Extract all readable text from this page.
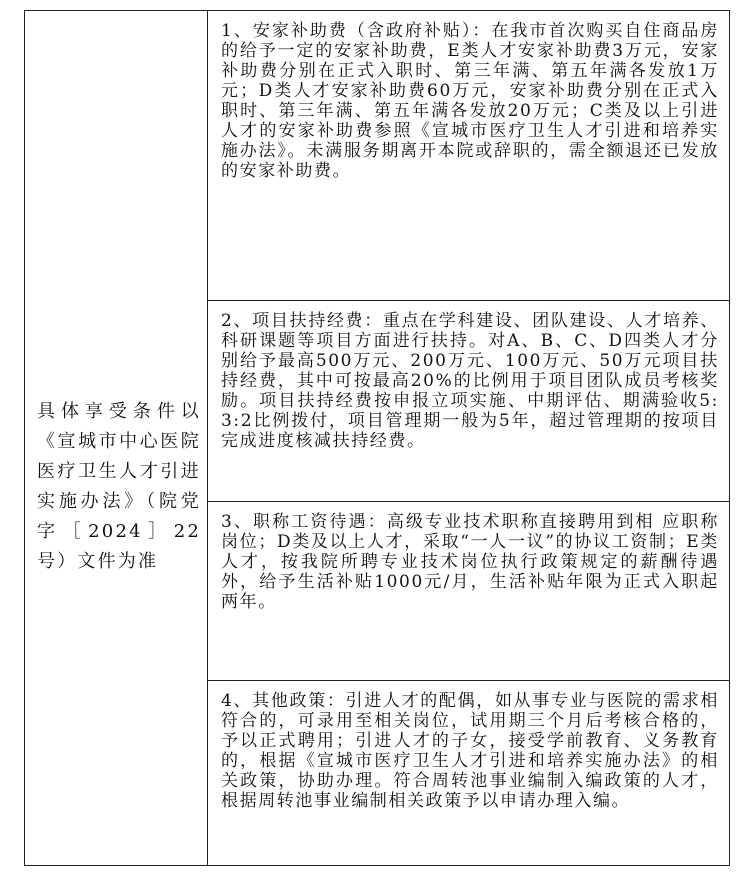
具体享受条件以《宣城市中心医院医疗卫生人才引进实施办法》（院党字［2024］22号）文件为准

1、安家补助费（含政府补贴）：在我市首次购买自住商品房的给予一定的安家补助费，E类人才安家补助费3万元，安家补助费分别在正式入职时、第三年满、第五年满各发放1万元；D类人才安家补助费60万元，安家补助费分别在正式入职时、第三年满、第五年满各发放20万元；C类及以上引进人才的安家补助费参照《宣城市医疗卫生人才引进和培养实施办法》。未满服务期离开本院或辞职的，需全额退还已发放的安家补助费。

2、项目扶持经费：重点在学科建设、团队建设、人才培养、科研课题等项目方面进行扶持。对A、B、C、D四类人才分别给予最高500万元、200万元、100万元、50万元项目扶持经费，其中可按最高20%的比例用于项目团队成员考核奖励。项目扶持经费按申报立项实施、中期评估、期满验收5:3:2比例拨付，项目管理期一般为5年，超过管理期的按项目完成进度核减扶持经费。

3、职称工资待遇：高级专业技术职称直接聘用到相 应职称岗位；D类及以上人才，采取“一人一议”的协议工资制；E类人才，按我院所聘专业技术岗位执行政策规定的薪酬待遇外，给予生活补贴1000元/月，生活补贴年限为正式入职起两年。

4、其他政策：引进人才的配偶，如从事专业与医院的需求相符合的，可录用至相关岗位，试用期三个月后考核合格的，予以正式聘用；引进人才的子女，接受学前教育、义务教育的，根据《宣城市医疗卫生人才引进和培养实施办法》的相关政策，协助办理。符合周转池事业编制入编政策的人才，根据周转池事业编制相关政策予以申请办理入编。
